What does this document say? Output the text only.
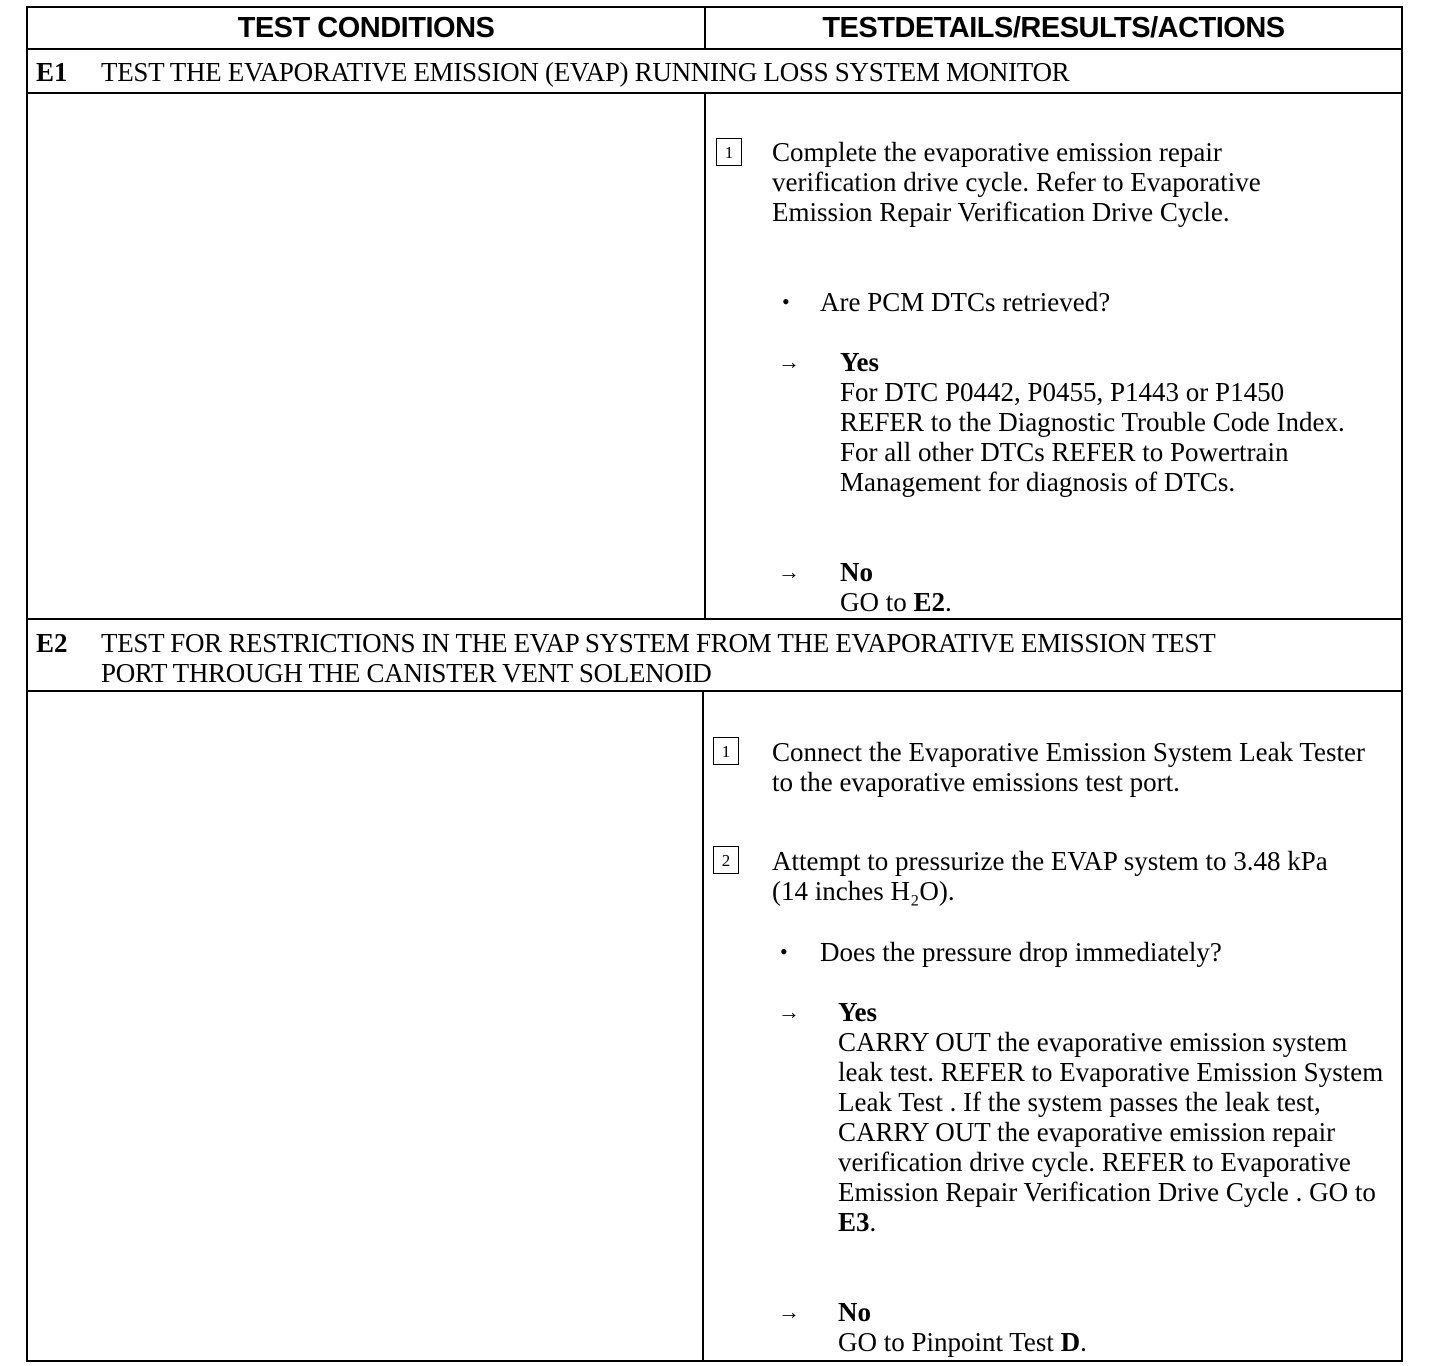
TEST CONDITIONS	TESTDETAILS/RESULTS/ACTIONS
E1 TEST THE EVAPORATIVE EMISSION (EVAP) RUNNING LOSS SYSTEM MONITOR
1	Complete the evaporative emission repair verification drive cycle. Refer to Evaporative Emission Repair Verification Drive Cycle.
• Are PCM DTCs retrieved?
→ Yes
For DTC P0442, P0455, P1443 or P1450 REFER to the Diagnostic Trouble Code Index. For all other DTCs REFER to Powertrain Management for diagnosis of DTCs.
→ No
GO to E2.
E2 TEST FOR RESTRICTIONS IN THE EVAP SYSTEM FROM THE EVAPORATIVE EMISSION TEST
PORT THROUGH THE CANISTER VENT SOLENOID
1	Connect the Evaporative Emission System Leak Tester to the evaporative emissions test port.
2	Attempt to pressurize the EVAP system to 3.48 kPa
(14 inches H₂O).
• Does the pressure drop immediately?
→ Yes
CARRY OUT the evaporative emission system leak test. REFER to Evaporative Emission System Leak Test . If the system passes the leak test, CARRY OUT the evaporative emission repair verification drive cycle. REFER to Evaporative Emission Repair Verification Drive Cycle . GO to E3.
→ No
GO to Pinpoint Test D.
